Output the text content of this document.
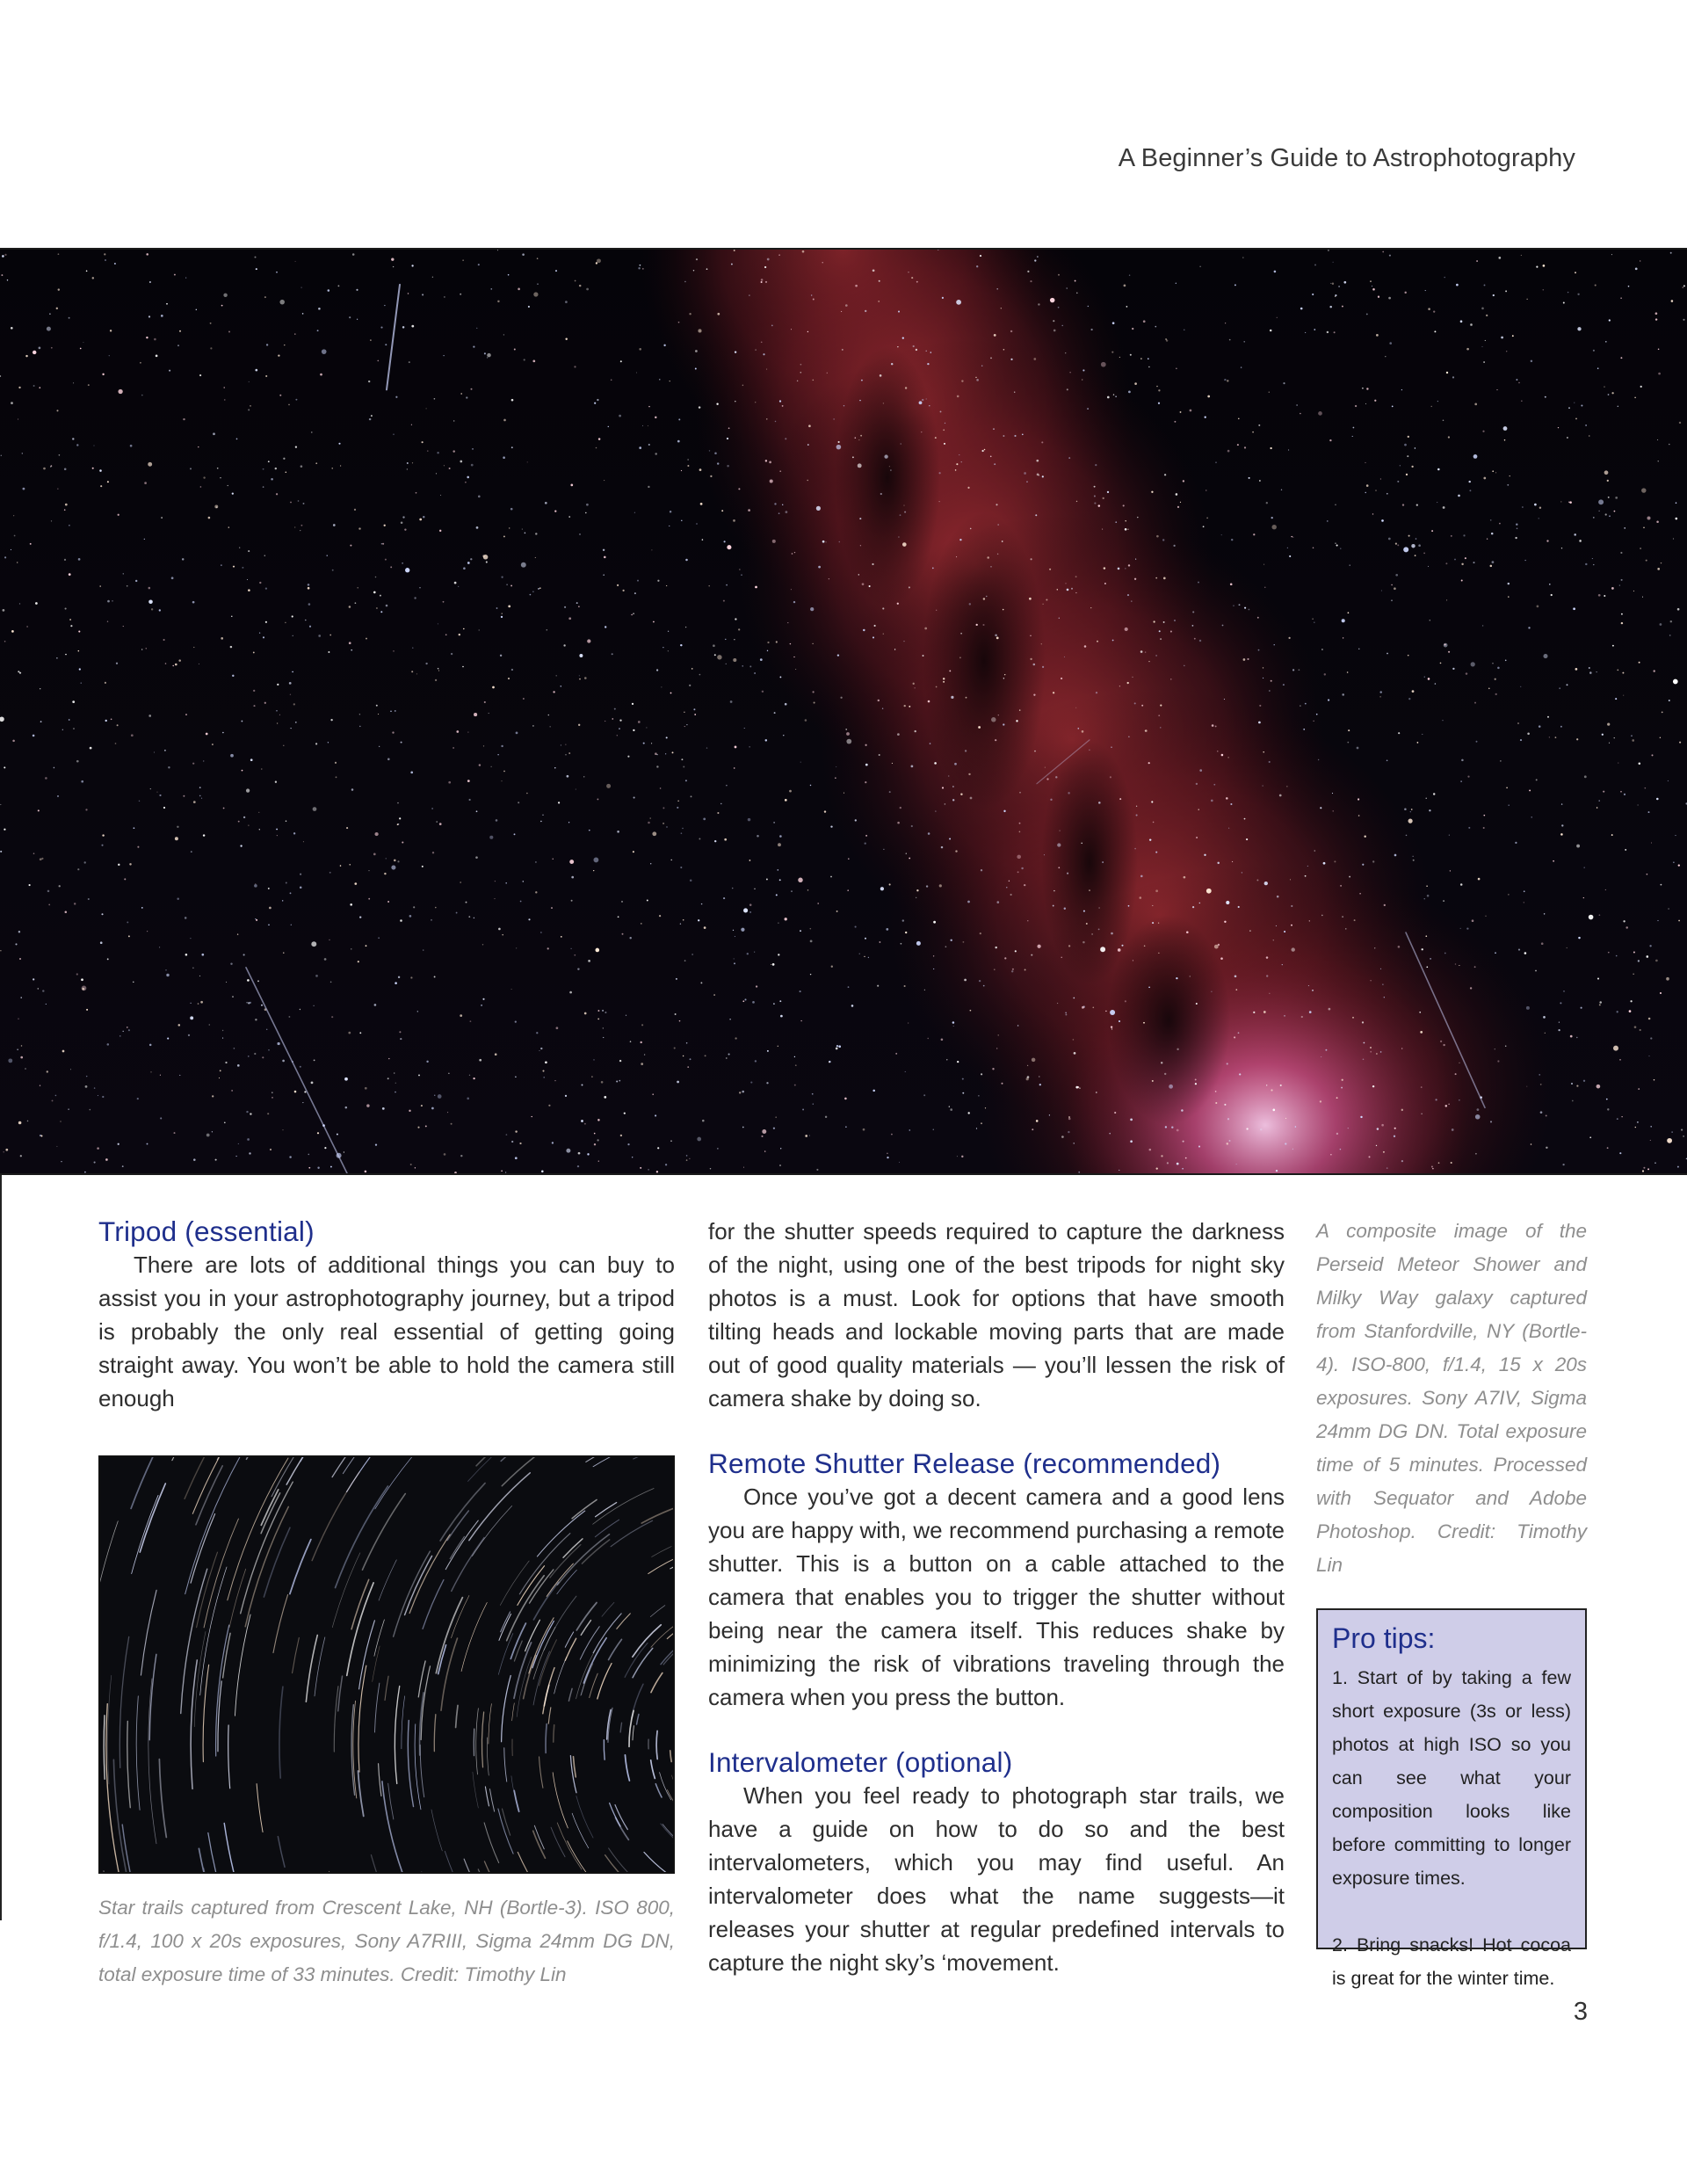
A Beginner’s Guide to Astrophotography
Tripod (essential)

There are lots of additional things you can buy to assist you in your astrophotography journey, but a tripod is probably the only real essential of getting going straight away. You won’t be able to hold the camera still enough

Star trails captured from Crescent Lake, NH (Bortle-3). ISO 800, f/1.4, 100 x 20s exposures, Sony A7RIII, Sigma 24mm DG DN, total exposure time of 33 minutes. Credit: Timothy Lin

for the shutter speeds required to capture the darkness of the night, using one of the best tripods for night sky photos is a must. Look for options that have smooth tilting heads and lockable moving parts that are made out of good quality materials — you’ll lessen the risk of camera shake by doing so.

Remote Shutter Release (recommended)

Once you’ve got a decent camera and a good lens you are happy with, we recommend purchasing a remote shutter. This is a button on a cable attached to the camera that enables you to trigger the shutter without being near the camera itself. This reduces shake by minimizing the risk of vibrations traveling through the camera when you press the button.

Intervalometer (optional)

When you feel ready to photograph star trails, we have a guide on how to do so and the best intervalometers, which you may find useful. An intervalometer does what the name suggests—it releases your shutter at regular predefined intervals to capture the night sky’s ‘movement.

A composite image of the Perseid Meteor Shower and Milky Way galaxy captured from Stanfordville, NY (Bortle-4). ISO-800, f/1.4, 15 x 20s exposures. Sony A7IV, Sigma 24mm DG DN. Total exposure time of 5 minutes. Processed with Sequator and Adobe Photoshop. Credit: Timothy Lin

Pro tips:

1. Start of by taking a few short exposure (3s or less) photos at high ISO so you can see what your composition looks like before committing to longer exposure times.

2. Bring snacks! Hot cocoa is great for the winter time.

3
